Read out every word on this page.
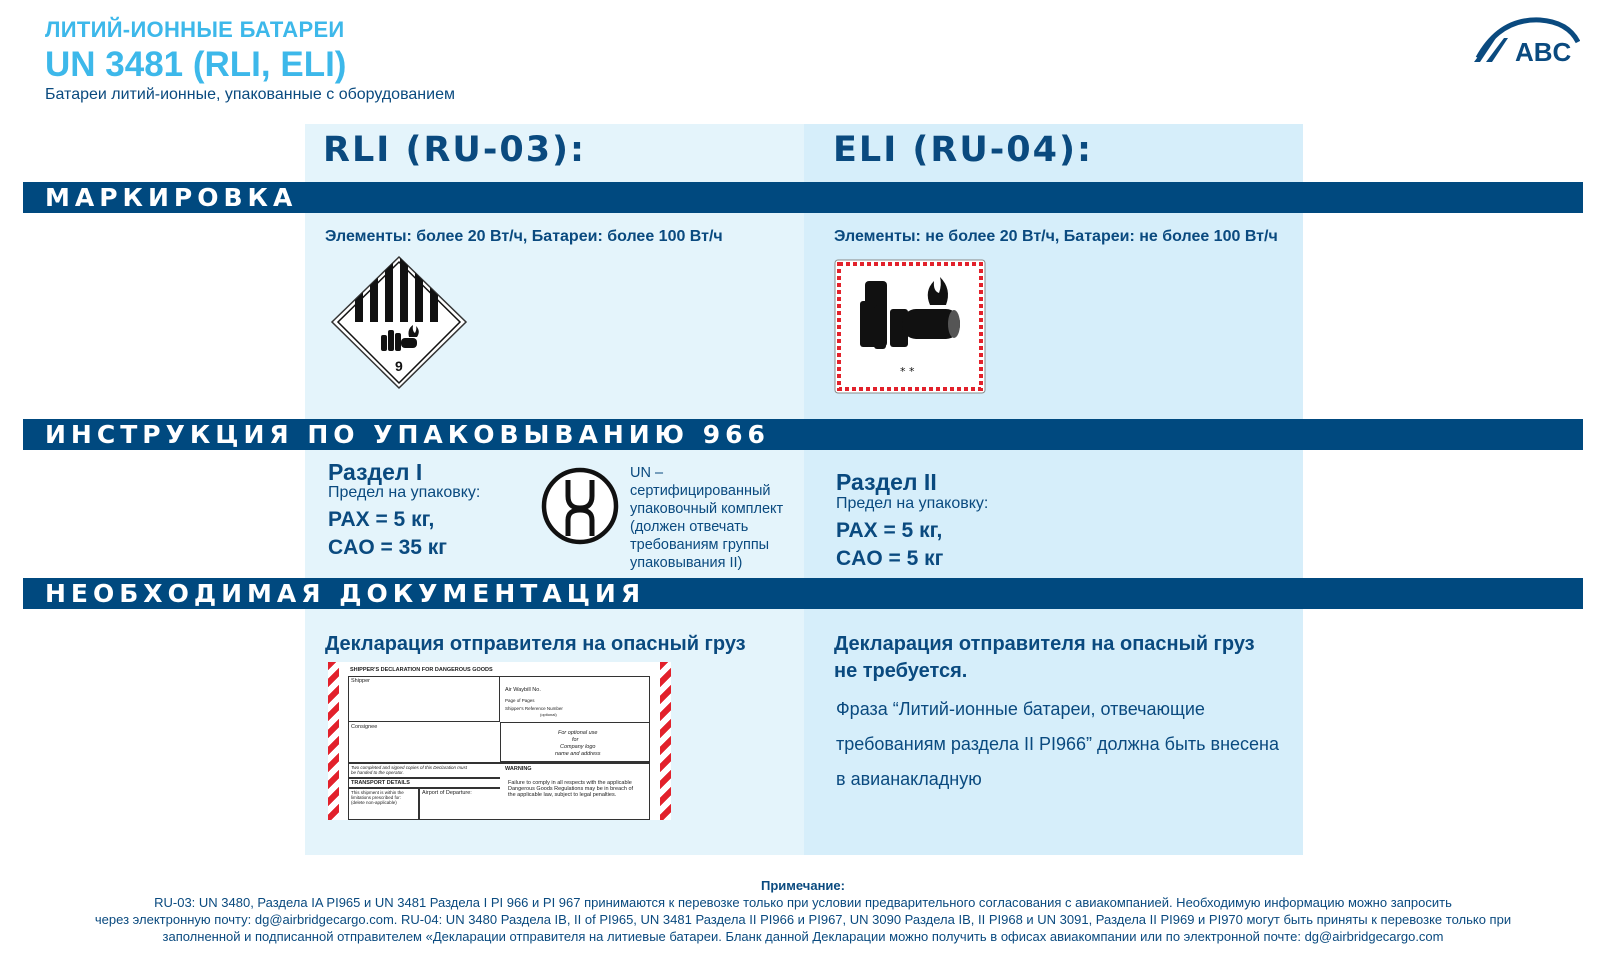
ЛИТИЙ-ИОННЫЕ БАТАРЕИ
UN 3481 (RLI, ELI)
Батареи литий-ионные, упакованные с оборудованием
ABC
RLI (RU-03):	ELI (RU-04):
МАРКИРОВКА
Элементы: более 20 Вт/ч, Батареи: более 100 Вт/ч	Элементы: не более 20 Вт/ч, Батареи: не более 100 Вт/ч
9	* *
ИНСТРУКЦИЯ ПО УПАКОВЫВАНИЮ 966
Раздел I
Предел на упаковку:
PAX = 5 кг,
CAO = 35 кг
UN – сертифицированный упаковочный комплект (должен отвечать требованиям группы упаковывания II)
Раздел II
Предел на упаковку:
PAX = 5 кг,
CAO = 5 кг
НЕОБХОДИМАЯ ДОКУМЕНТАЦИЯ
Декларация отправителя на опасный груз
SHIPPER'S DECLARATION FOR DANGEROUS GOODS
Shipper
Air Waybill No.
Page of Pages
Shipper's Reference Number
(optional)
Consignee
For optional use
for
Company logo
name and address
Two completed and signed copies of this Declaration must
be handed to the operator.
WARNING
TRANSPORT DETAILS	Failure to comply in all respects with the applicable
Dangerous Goods Regulations may be in breach of
the applicable law, subject to legal penalties.
This shipment is within the
limitations prescribed for:
(delete non-applicable)
Airport of Departure:
Декларация отправителя на опасный груз
не требуется.
Фраза “Литий-ионные батареи, отвечающие требованиям раздела II PI966” должна быть внесена в авианакладную
Примечание:
RU-03: UN 3480, Раздела IA PI965 и UN 3481 Раздела I PI 966 и PI 967 принимаются к перевозке только при условии предварительного согласования с авиакомпанией. Необходимую информацию можно запросить
через электронную почту: dg@airbridgecargo.com. RU-04: UN 3480 Раздела IB, II of PI965, UN 3481 Раздела II PI966 и PI967, UN 3090 Раздела IB, II PI968 и UN 3091, Раздела II PI969 и PI970 могут быть приняты к перевозке только при
заполненной и подписанной отправителем «Декларации отправителя на литиевые батареи. Бланк данной Декларации можно получить в офисах авиакомпании или по электронной почте: dg@airbridgecargo.com
